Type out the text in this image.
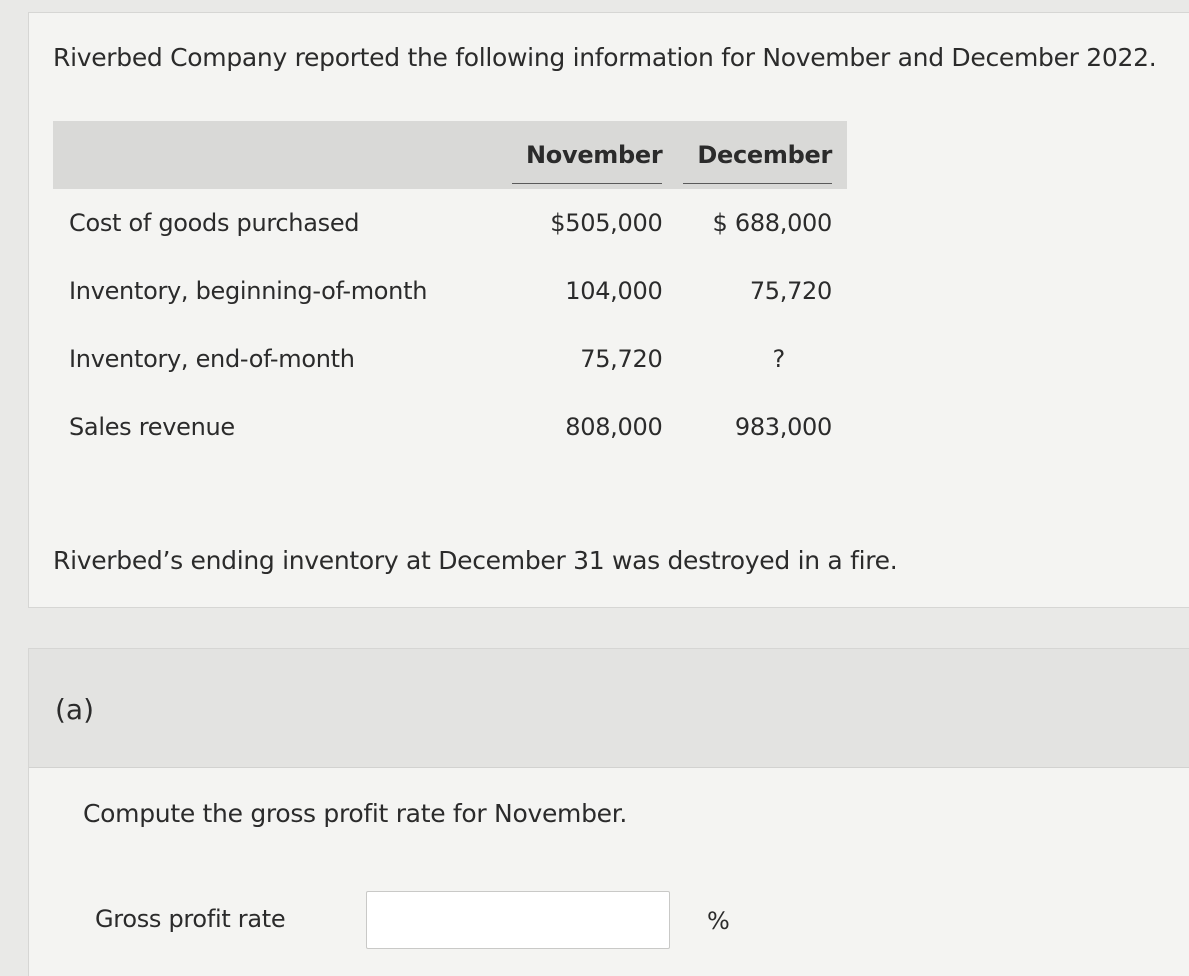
Riverbed Company reported the following information for November and December 2022.

	November	December
Cost of goods purchased	$505,000	$ 688,000
Inventory, beginning-of-month	104,000	75,720
Inventory, end-of-month	75,720	?
Sales revenue	808,000	983,000

Riverbed’s ending inventory at December 31 was destroyed in a fire.

(a)

Compute the gross profit rate for November.

Gross profit rate	%
